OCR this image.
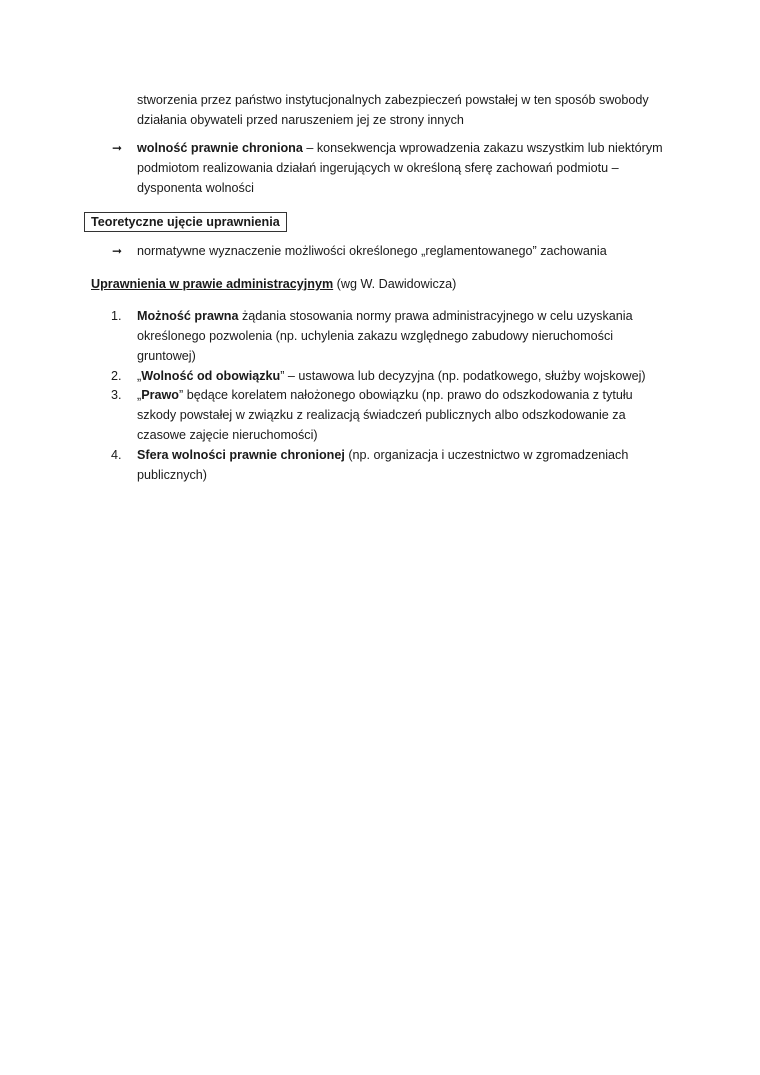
stworzenia przez państwo instytucjonalnych zabezpieczeń powstałej w ten sposób swobody
działania obywateli przed naruszeniem jej ze strony innych
➞ wolność prawnie chroniona – konsekwencja wprowadzenia zakazu wszystkim lub niektórym
podmiotom realizowania działań ingerujących w określoną sferę zachowań podmiotu –
dysponenta wolności
Teoretyczne ujęcie uprawnienia
➞ normatywne wyznaczenie możliwości określonego „reglamentowanego” zachowania
Uprawnienia w prawie administracyjnym (wg W. Dawidowicza)
1. Możność prawna żądania stosowania normy prawa administracyjnego w celu uzyskania
określonego pozwolenia (np. uchylenia zakazu względnego zabudowy nieruchomości
gruntowej)
2. „Wolność od obowiązku” – ustawowa lub decyzyjna (np. podatkowego, służby wojskowej)
3. „Prawo” będące korelatem nałożonego obowiązku (np. prawo do odszkodowania z tytułu
szkody powstałej w związku z realizacją świadczeń publicznych albo odszkodowanie za
czasowe zajęcie nieruchomości)
4. Sfera wolności prawnie chronionej (np. organizacja i uczestnictwo w zgromadzeniach
publicznych)
